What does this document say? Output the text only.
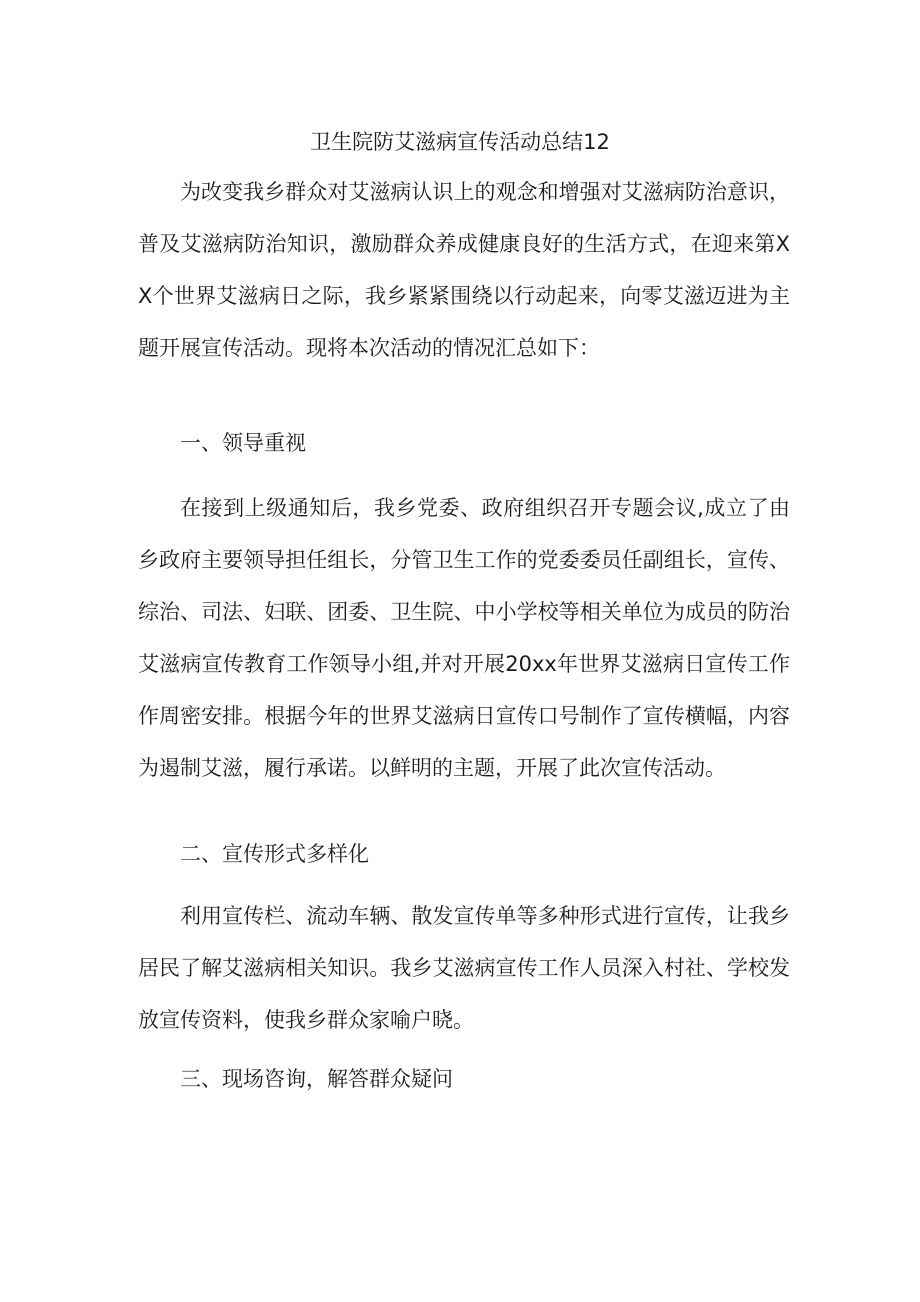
卫生院防艾滋病宣传活动总结12
为改变我乡群众对艾滋病认识上的观念和增强对艾滋病防治意识，普及艾滋病防治知识，激励群众养成健康良好的生活方式，在迎来第XX个世界艾滋病日之际，我乡紧紧围绕以行动起来，向零艾滋迈进为主题开展宣传活动。现将本次活动的情况汇总如下：
一、领导重视
在接到上级通知后，我乡党委、政府组织召开专题会议,成立了由乡政府主要领导担任组长，分管卫生工作的党委委员任副组长，宣传、综治、司法、妇联、团委、卫生院、中小学校等相关单位为成员的防治艾滋病宣传教育工作领导小组,并对开展20xx年世界艾滋病日宣传工作作周密安排。根据今年的世界艾滋病日宣传口号制作了宣传横幅，内容为遏制艾滋，履行承诺。以鲜明的主题，开展了此次宣传活动。
二、宣传形式多样化
利用宣传栏、流动车辆、散发宣传单等多种形式进行宣传，让我乡居民了解艾滋病相关知识。我乡艾滋病宣传工作人员深入村社、学校发放宣传资料，使我乡群众家喻户晓。
三、现场咨询，解答群众疑问
